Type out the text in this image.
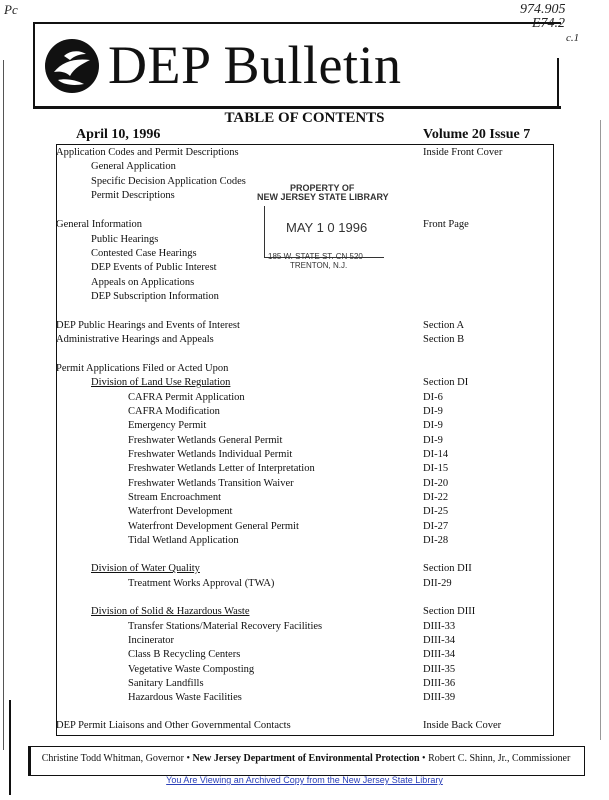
Pc	974.905
E74.2
c.1
DEP Bulletin
TABLE OF CONTENTS
April 10, 1996	Volume 20 Issue 7
Application Codes and Permit Descriptions	Inside Front Cover
General Application
Specific Decision Application Codes
Permit Descriptions
General Information	Front Page
Public Hearings
Contested Case Hearings
DEP Events of Public Interest
Appeals on Applications
DEP Subscription Information
DEP Public Hearings and Events of Interest	Section A
Administrative Hearings and Appeals	Section B
Permit Applications Filed or Acted Upon
Division of Land Use Regulation	Section DI
CAFRA Permit Application	DI-6
CAFRA Modification	DI-9
Emergency Permit	DI-9
Freshwater Wetlands General Permit	DI-9
Freshwater Wetlands Individual Permit	DI-14
Freshwater Wetlands Letter of Interpretation	DI-15
Freshwater Wetlands Transition Waiver	DI-20
Stream Encroachment	DI-22
Waterfront Development	DI-25
Waterfront Development General Permit	DI-27
Tidal Wetland Application	DI-28
Division of Water Quality	Section DII
Treatment Works Approval (TWA)	DII-29
Division of Solid & Hazardous Waste	Section DIII
Transfer Stations/Material Recovery Facilities	DIII-33
Incinerator	DIII-34
Class B Recycling Centers	DIII-34
Vegetative Waste Composting	DIII-35
Sanitary Landfills	DIII-36
Hazardous Waste Facilities	DIII-39
DEP Permit Liaisons and Other Governmental Contacts	Inside Back Cover
PROPERTY OF
NEW JERSEY STATE LIBRARY
MAY 1 0 1996
185 W. STATE ST. CN 520
TRENTON, N.J.
Christine Todd Whitman, Governor • New Jersey Department of Environmental Protection • Robert C. Shinn, Jr., Commissioner
You Are Viewing an Archived Copy from the New Jersey State Library
